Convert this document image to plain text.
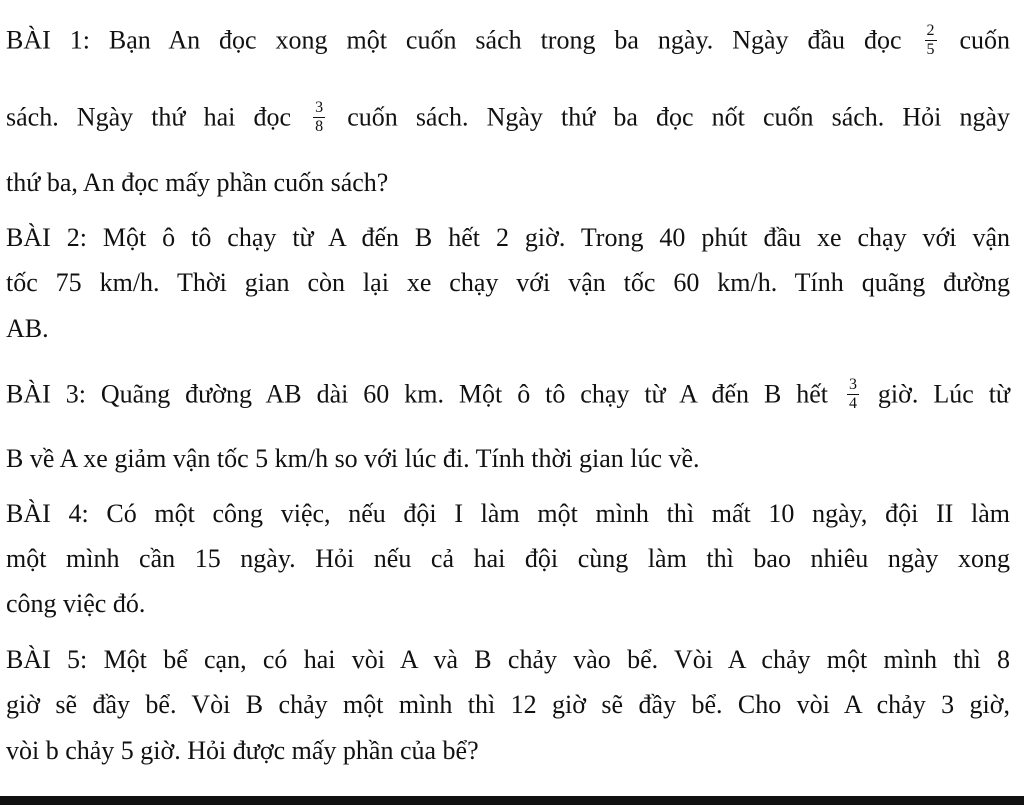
BÀI 1: Bạn An đọc xong một cuốn sách trong ba ngày. Ngày đầu đọc $\frac{2}{5}$ cuốn
sách. Ngày thứ hai đọc $\frac{3}{8}$ cuốn sách. Ngày thứ ba đọc nốt cuốn sách. Hỏi ngày
thứ ba, An đọc mấy phần cuốn sách?
BÀI 2: Một ô tô chạy từ A đến B hết 2 giờ. Trong 40 phút đầu xe chạy với vận
tốc 75 km/h. Thời gian còn lại xe chạy với vận tốc 60 km/h. Tính quãng đường
AB.
BÀI 3: Quãng đường AB dài 60 km. Một ô tô chạy từ A đến B hết $\frac{3}{4}$ giờ. Lúc từ
B về A xe giảm vận tốc 5 km/h so với lúc đi. Tính thời gian lúc về.
BÀI 4: Có một công việc, nếu đội I làm một mình thì mất 10 ngày, đội II làm
một mình cần 15 ngày. Hỏi nếu cả hai đội cùng làm thì bao nhiêu ngày xong
công việc đó.
BÀI 5: Một bể cạn, có hai vòi A và B chảy vào bể. Vòi A chảy một mình thì 8
giờ sẽ đầy bể. Vòi B chảy một mình thì 12 giờ sẽ đầy bể. Cho vòi A chảy 3 giờ,
vòi b chảy 5 giờ. Hỏi được mấy phần của bể?
